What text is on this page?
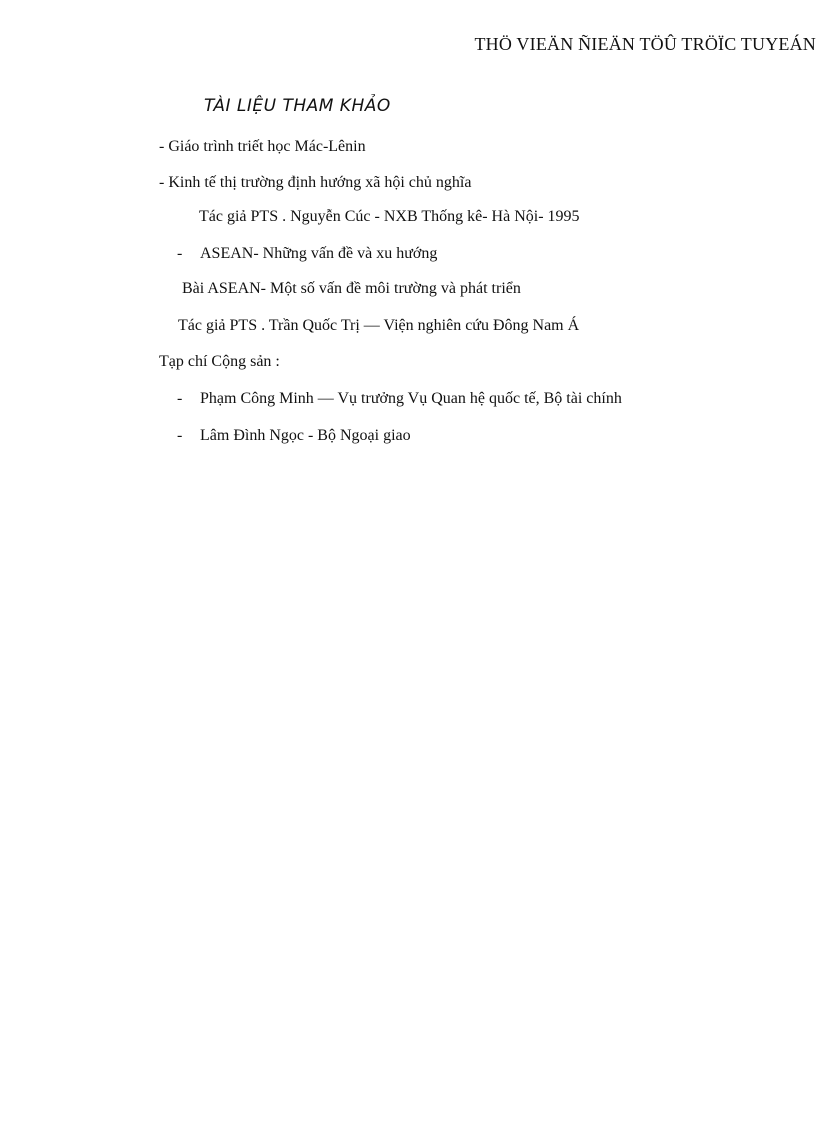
THÖ VIEÄN ÑIEÄN TÖÛ TRÖÏC TUYEÁN
TÀI LIỆU THAM KHẢO
- Giáo trình triết học Mác-Lênin
- Kinh tế thị trường định hướng xã hội chủ nghĩa
Tác giả PTS . Nguyễn Cúc - NXB Thống kê- Hà Nội- 1995
- ASEAN- Những vấn đề và xu hướng
Bài ASEAN- Một số vấn đề môi trường và phát triển
Tác giả PTS . Trần Quốc Trị — Viện nghiên cứu Đông Nam Á
Tạp chí Cộng sản :
- Phạm Công Minh — Vụ trưởng Vụ Quan hệ quốc tế, Bộ tài chính
- Lâm Đình Ngọc - Bộ Ngoại giao
